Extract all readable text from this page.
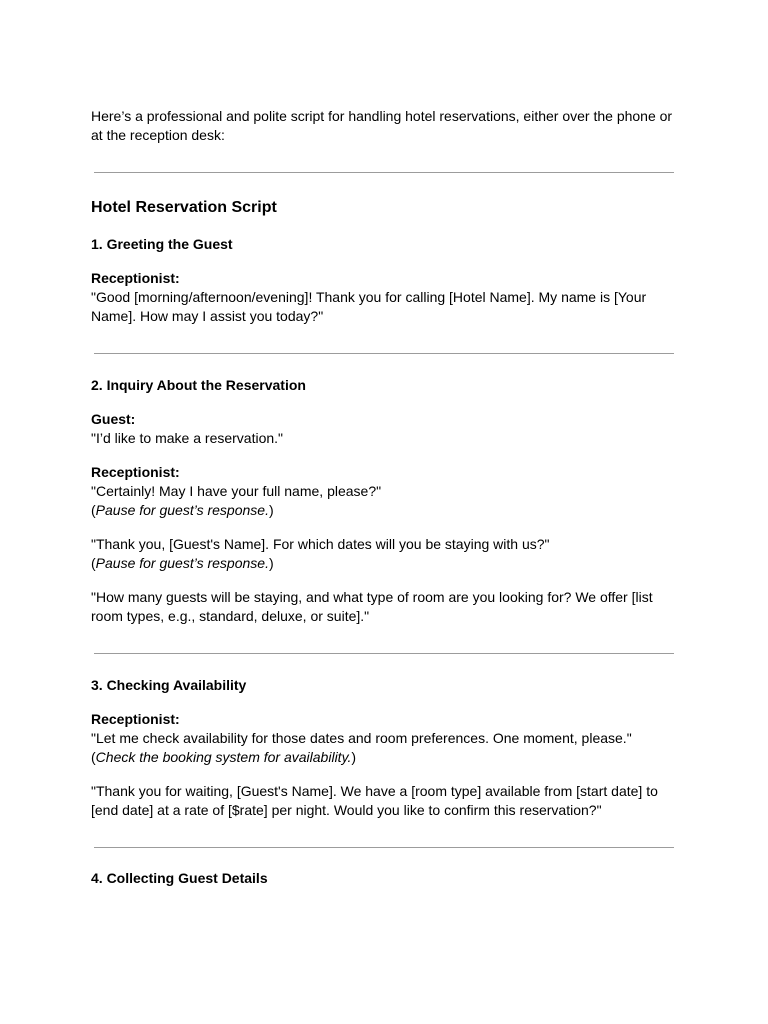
Here’s a professional and polite script for handling hotel reservations, either over the phone or at the reception desk:

Hotel Reservation Script

1. Greeting the Guest

Receptionist:

"Good [morning/afternoon/evening]! Thank you for calling [Hotel Name]. My name is [Your Name]. How may I assist you today?"

2. Inquiry About the Reservation

Guest:

"I’d like to make a reservation."

Receptionist:

"Certainly! May I have your full name, please?"

(Pause for guest’s response.)

"Thank you, [Guest's Name]. For which dates will you be staying with us?"

(Pause for guest’s response.)

"How many guests will be staying, and what type of room are you looking for? We offer [list room types, e.g., standard, deluxe, or suite]."

3. Checking Availability

Receptionist:

"Let me check availability for those dates and room preferences. One moment, please."

(Check the booking system for availability.)

"Thank you for waiting, [Guest's Name]. We have a [room type] available from [start date] to [end date] at a rate of [$rate] per night. Would you like to confirm this reservation?"

4. Collecting Guest Details
